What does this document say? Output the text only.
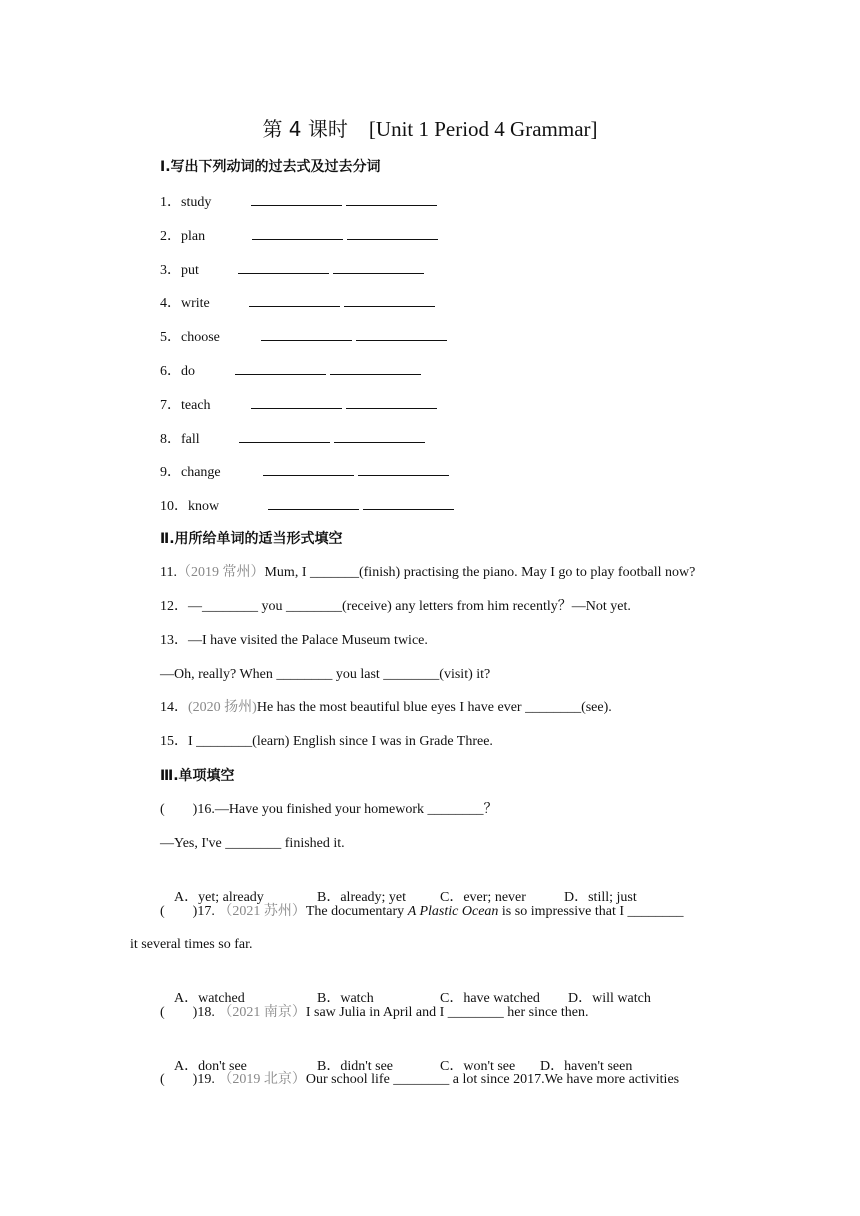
第 4 课时 [Unit 1 Period 4 Grammar]
Ⅰ.写出下列动词的过去式及过去分词
1．study
2．plan
3．put
4．write
5．choose
6．do
7．teach
8．fall
9．change
10．know
Ⅱ.用所给单词的适当形式填空
11.（2019 常州）Mum, I _______(finish) practising the piano. May I go to play football now?
12．—________ you ________(receive) any letters from him recently？—Not yet.
13．—I have visited the Palace Museum twice.
—Oh, really? When ________ you last ________(visit) it?
14．(2020 扬州)He has the most beautiful blue eyes I have ever ________(see).
15．I ________(learn) English since I was in Grade Three.
Ⅲ.单项填空
(        )16.—Have you finished your homework ________？
—Yes, I've ________ finished it.

A．yet; already	B．already; yet C．ever; never	D．still; just

(        )17. （2021 苏州）The documentary A Plastic Ocean is so impressive that I ________
it several times so far.

A．watched	B．watch	C．have watched D．will watch

(        )18. （2021 南京）I saw Julia in April and I ________ her since then.

A．don't see	B．didn't see	C．won't see D．haven't seen

(        )19. （2019 北京）Our school life ________ a lot since 2017.We have more activities
